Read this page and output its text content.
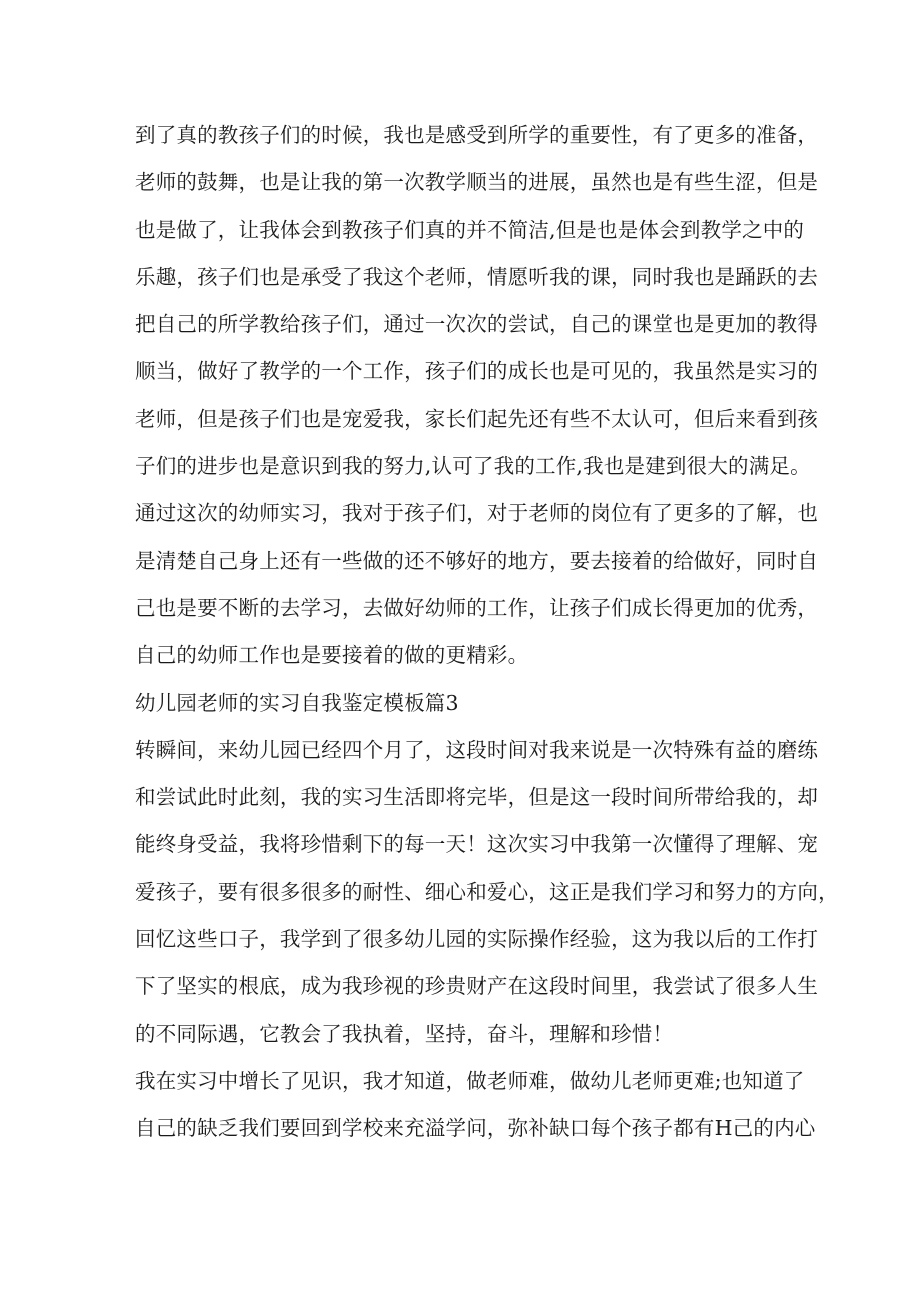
到了真的教孩子们的时候，我也是感受到所学的重要性，有了更多的准备，
老师的鼓舞，也是让我的第一次教学顺当的进展，虽然也是有些生涩，但是
也是做了，让我体会到教孩子们真的并不简洁,但是也是体会到教学之中的
乐趣，孩子们也是承受了我这个老师，情愿听我的课，同时我也是踊跃的去
把自己的所学教给孩子们，通过一次次的尝试，自己的课堂也是更加的教得
顺当，做好了教学的一个工作，孩子们的成长也是可见的，我虽然是实习的
老师，但是孩子们也是宠爱我，家长们起先还有些不太认可，但后来看到孩
子们的进步也是意识到我的努力,认可了我的工作,我也是建到很大的满足。
通过这次的幼师实习，我对于孩子们，对于老师的岗位有了更多的了解，也
是清楚自己身上还有一些做的还不够好的地方，要去接着的给做好，同时自
己也是要不断的去学习，去做好幼师的工作，让孩子们成长得更加的优秀，
自己的幼师工作也是要接着的做的更精彩。
幼儿园老师的实习自我鉴定模板篇3
转瞬间，来幼儿园已经四个月了，这段时间对我来说是一次特殊有益的磨练
和尝试此时此刻，我的实习生活即将完毕，但是这一段时间所带给我的，却
能终身受益，我将珍惜剩下的每一天！这次实习中我第一次懂得了理解、宠
爱孩子，要有很多很多的耐性、细心和爱心，这正是我们学习和努力的方向，
回忆这些口子，我学到了很多幼儿园的实际操作经验，这为我以后的工作打
下了坚实的根底，成为我珍视的珍贵财产在这段时间里，我尝试了很多人生
的不同际遇，它教会了我执着，坚持，奋斗，理解和珍惜！
我在实习中增长了见识，我才知道，做老师难，做幼儿老师更难;也知道了
自己的缺乏我们要回到学校来充溢学问，弥补缺口每个孩子都有H己的内心
